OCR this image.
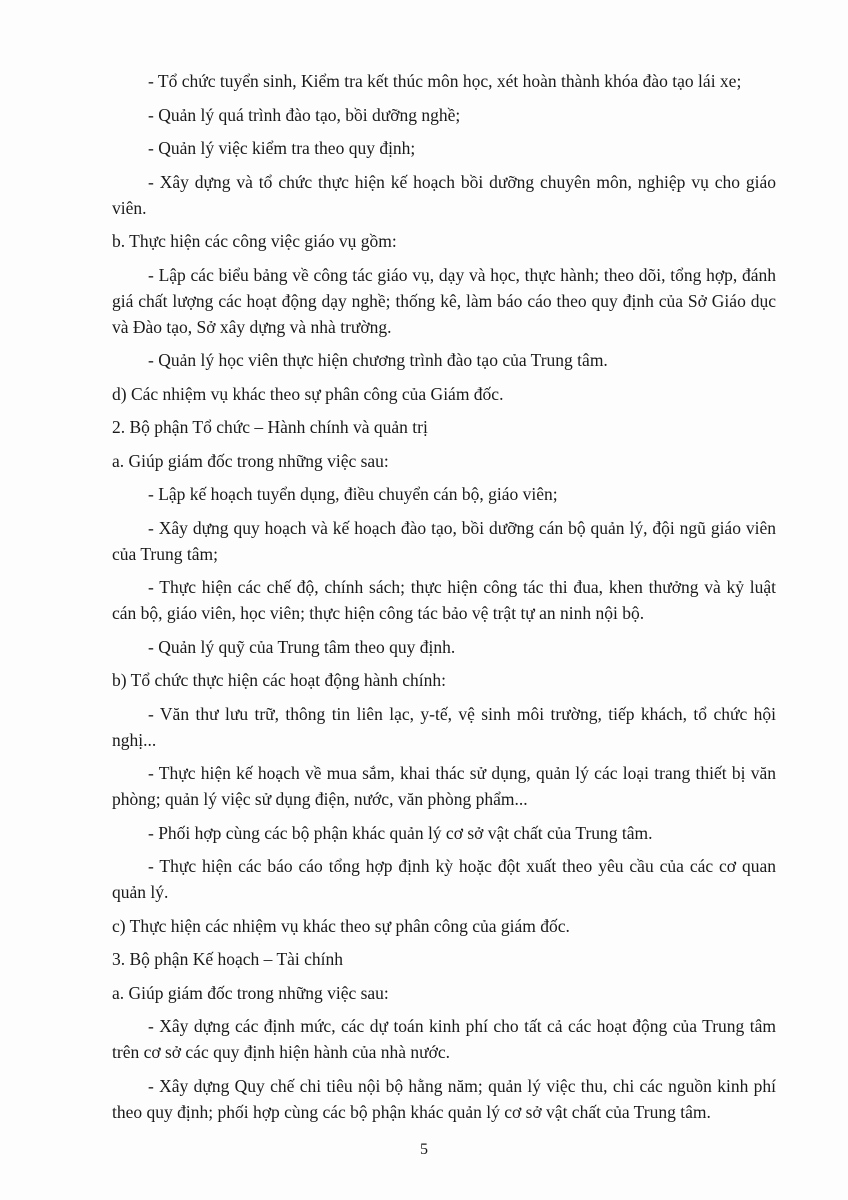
- Tổ chức tuyển sinh, Kiểm tra kết thúc môn học, xét hoàn thành khóa đào tạo lái xe;

- Quản lý quá trình đào tạo, bồi dưỡng nghề;

- Quản lý việc kiểm tra theo quy định;

- Xây dựng và tổ chức thực hiện kế hoạch bồi dưỡng chuyên môn, nghiệp vụ cho giáo viên.

b. Thực hiện các công việc giáo vụ gồm:

- Lập các biểu bảng về công tác giáo vụ, dạy và học, thực hành; theo dõi, tổng hợp, đánh giá chất lượng các hoạt động dạy nghề; thống kê, làm báo cáo theo quy định của Sở Giáo dục và Đào tạo, Sở xây dựng và nhà trường.

- Quản lý học viên thực hiện chương trình đào tạo của Trung tâm.

d) Các nhiệm vụ khác theo sự phân công của Giám đốc.

2. Bộ phận Tổ chức – Hành chính và quản trị

a. Giúp giám đốc trong những việc sau:

- Lập kế hoạch tuyển dụng, điều chuyển cán bộ, giáo viên;

- Xây dựng quy hoạch và kế hoạch đào tạo, bồi dưỡng cán bộ quản lý, đội ngũ giáo viên của Trung tâm;

- Thực hiện các chế độ, chính sách; thực hiện công tác thi đua, khen thưởng và kỷ luật cán bộ, giáo viên, học viên; thực hiện công tác bảo vệ trật tự an ninh nội bộ.

- Quản lý quỹ của Trung tâm theo quy định.

b) Tổ chức thực hiện các hoạt động hành chính:

- Văn thư lưu trữ, thông tin liên lạc, y-tế, vệ sinh môi trường, tiếp khách, tổ chức hội nghị...

- Thực hiện kế hoạch về mua sắm, khai thác sử dụng, quản lý các loại trang thiết bị văn phòng; quản lý việc sử dụng điện, nước, văn phòng phẩm...

- Phối hợp cùng các bộ phận khác quản lý cơ sở vật chất của Trung tâm.

- Thực hiện các báo cáo tổng hợp định kỳ hoặc đột xuất theo yêu cầu của các cơ quan quản lý.

c) Thực hiện các nhiệm vụ khác theo sự phân công của giám đốc.

3. Bộ phận Kế hoạch – Tài chính

a. Giúp giám đốc trong những việc sau:

- Xây dựng các định mức, các dự toán kinh phí cho tất cả các hoạt động của Trung tâm trên cơ sở các quy định hiện hành của nhà nước.

- Xây dựng Quy chế chi tiêu nội bộ hằng năm; quản lý việc thu, chi các nguồn kinh phí theo quy định; phối hợp cùng các bộ phận khác quản lý cơ sở vật chất của Trung tâm.

5
